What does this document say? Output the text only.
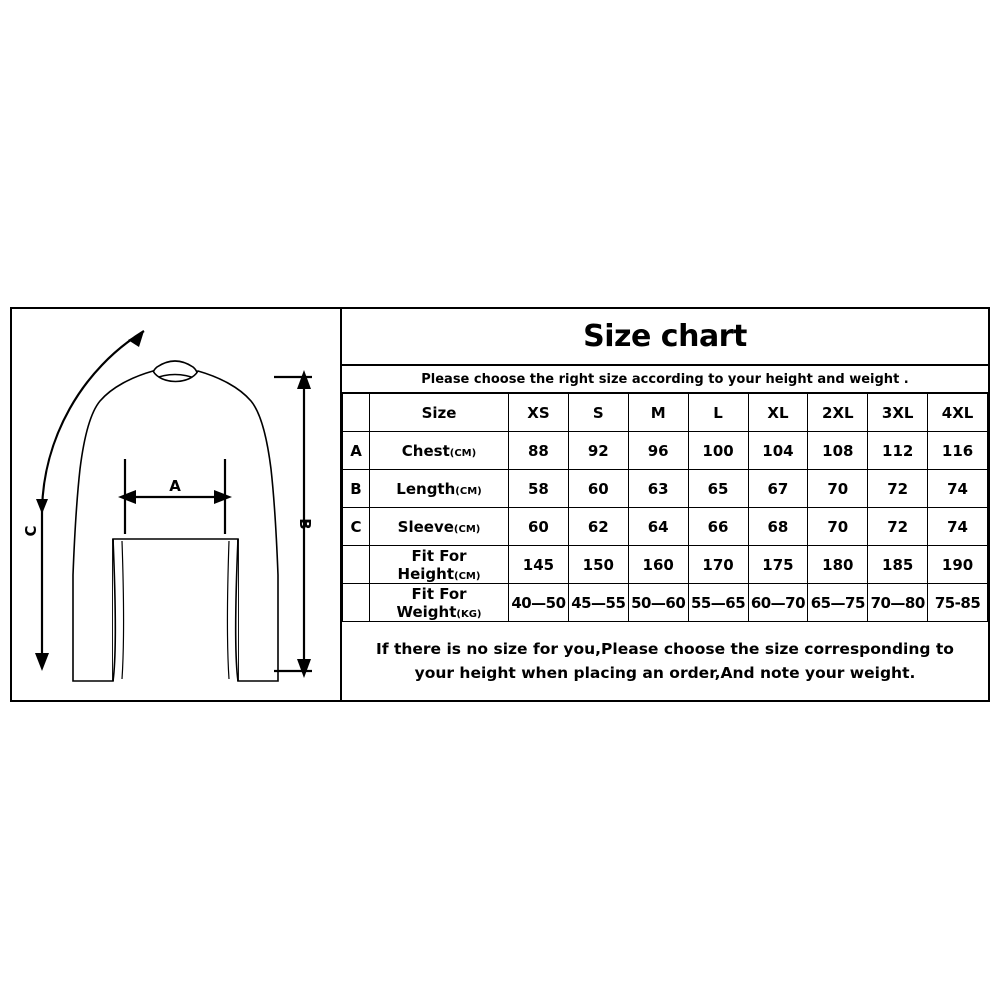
C
A
B
Size chart
Please choose the right size according to your height and weight .
	Size	XS	S	M	L	XL	2XL	3XL	4XL
A	Chest(CM)	88	92	96	100	104	108	112	116
B	Length(CM)	58	60	63	65	67	70	72	74
C	Sleeve(CM)	60	62	64	66	68	70	72	74
	Fit For Height(CM)	145	150	160	170	175	180	185	190
	Fit For Weight(KG)	40—50	45—55	50—60	55—65	60—70	65—75	70—80	75-85
If there is no size for you,Please choose the size corresponding to
your height when placing an order,And note your weight.
